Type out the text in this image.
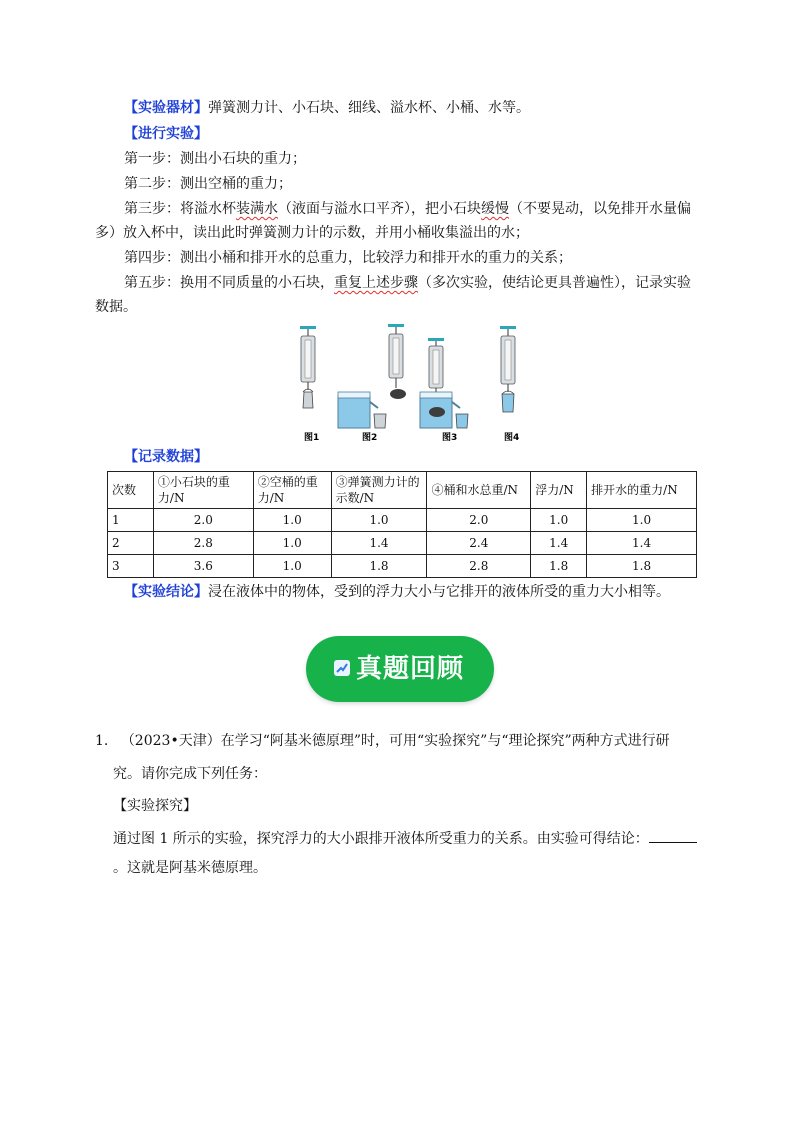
【实验器材】弹簧测力计、小石块、细线、溢水杯、小桶、水等。
【进行实验】
第一步：测出小石块的重力；
第二步：测出空桶的重力；
第三步：将溢水杯装满水（液面与溢水口平齐），把小石块缓慢（不要晃动，以免排开水量偏
多）放入杯中，读出此时弹簧测力计的示数，并用小桶收集溢出的水；
第四步：测出小桶和排开水的总重力，比较浮力和排开水的重力的关系；
第五步：换用不同质量的小石块，重复上述步骤（多次实验，使结论更具普遍性），记录实验
数据。
图1	图2	图3	图4
【记录数据】
次数	①小石块的重力/N	②空桶的重力/N	③弹簧测力计的示数/N	④桶和水总重/N	浮力/N	排开水的重力/N
1	2.0	1.0	1.0	2.0	1.0	1.0
2	2.8	1.0	1.4	2.4	1.4	1.4
3	3.6	1.0	1.8	2.8	1.8	1.8
【实验结论】浸在液体中的物体，受到的浮力大小与它排开的液体所受的重力大小相等。
真题回顾
1. （2023•天津）在学习“阿基米德原理”时，可用“实验探究”与“理论探究”两种方式进行研
究。请你完成下列任务：
【实验探究】
通过图 1 所示的实验，探究浮力的大小跟排开液体所受重力的关系。由实验可得结论：
。这就是阿基米德原理。
